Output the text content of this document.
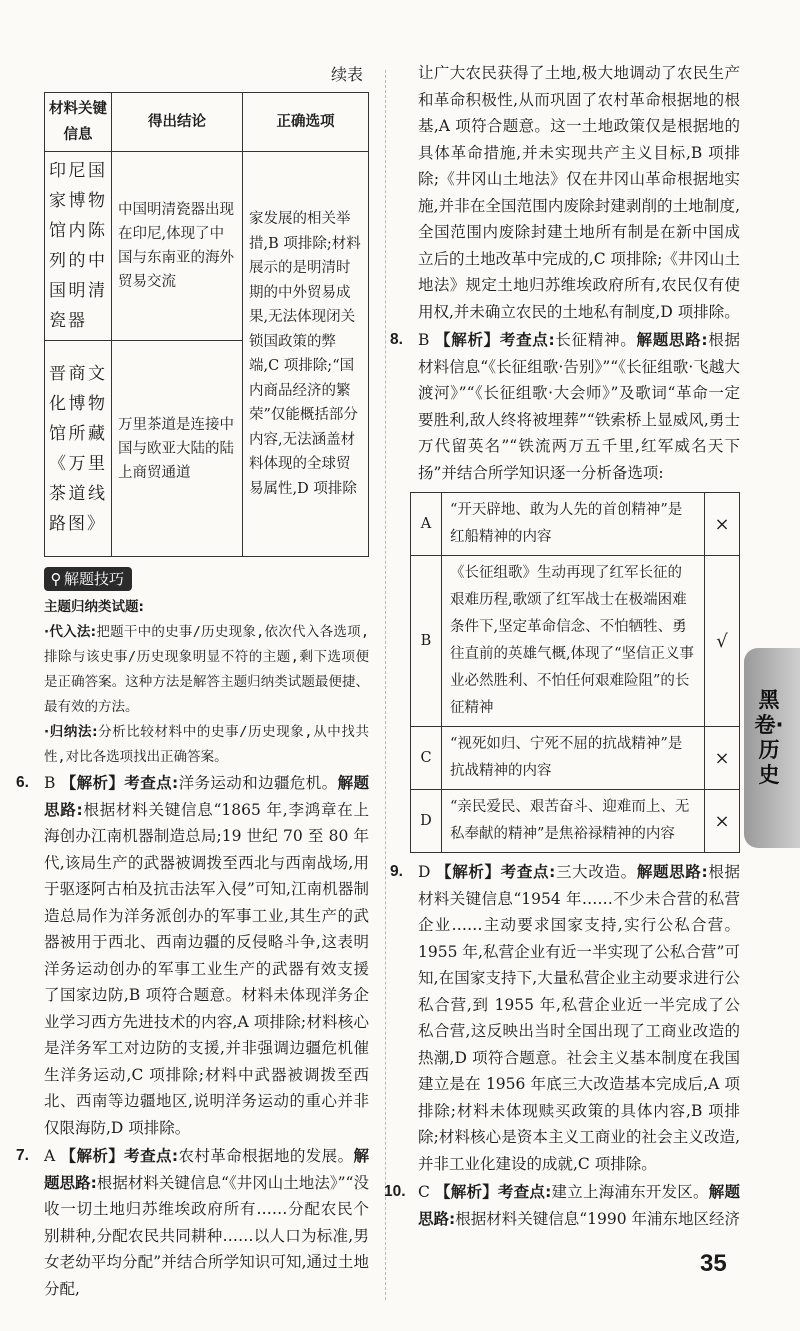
续表
材料关键信息	得出结论	正确选项
印尼国家博物馆内陈列的中国明清瓷器	中国明清瓷器出现在印尼,体现了中国与东南亚的海外贸易交流	家发展的相关举措,B 项排除;材料展示的是明清时期的中外贸易成果,无法体现闭关锁国政策的弊端,C 项排除;“国内商品经济的繁荣”仅能概括部分内容,无法涵盖材料体现的全球贸易属性,D 项排除
晋商文化博物馆所藏《万里茶道线路图》	万里茶道是连接中国与欧亚大陆的陆上商贸通道	
⚲ 解题技巧

主题归纳类试题:

·代入法:把题干中的史事/历史现象,依次代入各选项,排除与该史事/历史现象明显不符的主题,剩下选项便是正确答案。这种方法是解答主题归纳类试题最便捷、最有效的方法。

·归纳法:分析比较材料中的史事/历史现象,从中找共性,对比各选项找出正确答案。

6. B 【解析】考查点:洋务运动和边疆危机。解题思路:根据材料关键信息“1865 年,李鸿章在上海创办江南机器制造总局;19 世纪 70 至 80 年代,该局生产的武器被调拨至西北与西南战场,用于驱逐阿古柏及抗击法军入侵”可知,江南机器制造总局作为洋务派创办的军事工业,其生产的武器被用于西北、西南边疆的反侵略斗争,这表明洋务运动创办的军事工业生产的武器有效支援了国家边防,B 项符合题意。材料未体现洋务企业学习西方先进技术的内容,A 项排除;材料核心是洋务军工对边防的支援,并非强调边疆危机催生洋务运动,C 项排除;材料中武器被调拨至西北、西南等边疆地区,说明洋务运动的重心并非仅限海防,D 项排除。

7. A 【解析】考查点:农村革命根据地的发展。解题思路:根据材料关键信息“《井冈山土地法》”“没收一切土地归苏维埃政府所有……分配农民个别耕种,分配农民共同耕种……以人口为标准,男女老幼平均分配”并结合所学知识可知,通过土地分配,

让广大农民获得了土地,极大地调动了农民生产和革命积极性,从而巩固了农村革命根据地的根基,A 项符合题意。这一土地政策仅是根据地的具体革命措施,并未实现共产主义目标,B 项排除;《井冈山土地法》仅在井冈山革命根据地实施,并非在全国范围内废除封建剥削的土地制度,全国范围内废除封建土地所有制是在新中国成立后的土地改革中完成的,C 项排除;《井冈山土地法》规定土地归苏维埃政府所有,农民仅有使用权,并未确立农民的土地私有制度,D 项排除。

8. B 【解析】考查点:长征精神。解题思路:根据材料信息“《长征组歌·告别》”“《长征组歌·飞越大渡河》”“《长征组歌·大会师》”及歌词“革命一定要胜利,敌人终将被埋葬”“铁索桥上显威风,勇士万代留英名”“铁流两万五千里,红军威名天下扬”并结合所学知识逐一分析备选项:

A	“开天辟地、敢为人先的首创精神”是红船精神的内容	×
B	《长征组歌》生动再现了红军长征的艰难历程,歌颂了红军战士在极端困难条件下,坚定革命信念、不怕牺牲、勇往直前的英雄气概,体现了“坚信正义事业必然胜利、不怕任何艰难险阻”的长征精神	√
C	“视死如归、宁死不屈的抗战精神”是抗战精神的内容	×
D	“亲民爱民、艰苦奋斗、迎难而上、无私奉献的精神”是焦裕禄精神的内容	×
9. D 【解析】考查点:三大改造。解题思路:根据材料关键信息“1954 年……不少未合营的私营企业……主动要求国家支持,实行公私合营。1955 年,私营企业有近一半实现了公私合营”可知,在国家支持下,大量私营企业主动要求进行公私合营,到 1955 年,私营企业近一半完成了公私合营,这反映出当时全国出现了工商业改造的热潮,D 项符合题意。社会主义基本制度在我国建立是在 1956 年底三大改造基本完成后,A 项排除;材料未体现赎买政策的具体内容,B 项排除;材料核心是资本主义工商业的社会主义改造,并非工业化建设的成就,C 项排除。

10. C 【解析】考查点:建立上海浦东开发区。解题思路:根据材料关键信息“1990 年浦东地区经济

黑卷·历史
35
